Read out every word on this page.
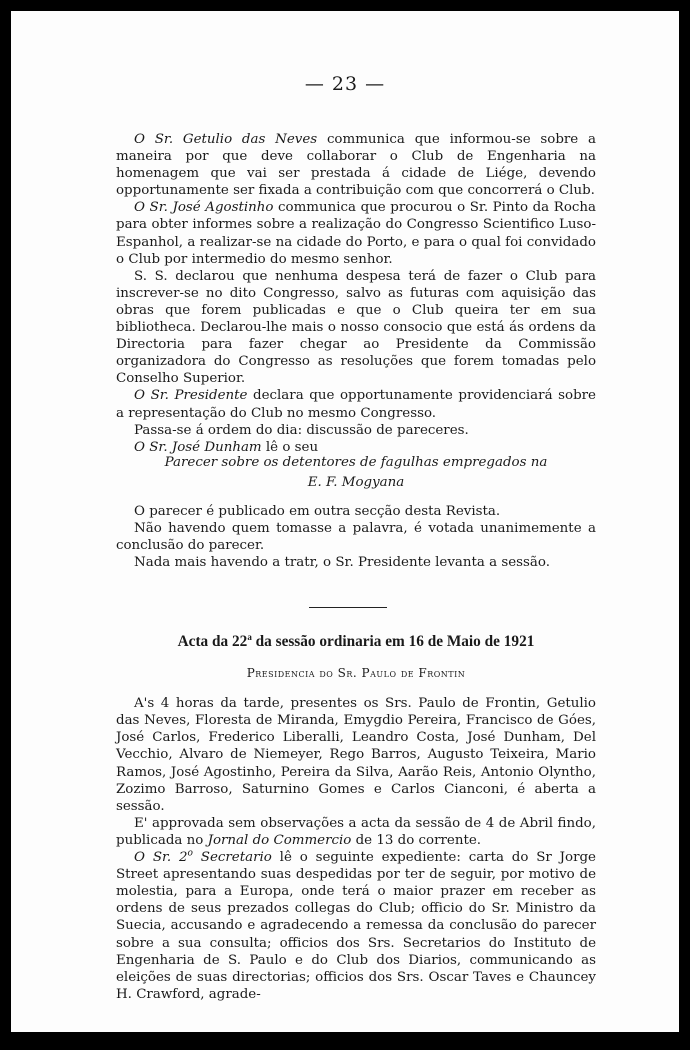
— 23 —

O Sr. Getulio das Neves communica que informou-se sobre a maneira por que deve collaborar o Club de Engenharia na homenagem que vai ser prestada á cidade de Liége, devendo opportunamente ser fixada a contribuição com que concorrerá o Club.

O Sr. José Agostinho communica que procurou o Sr. Pinto da Rocha para obter informes sobre a realização do Congresso Scientifico Luso-Espanhol, a realizar-se na cidade do Porto, e para o qual foi convidado o Club por intermedio do mesmo senhor.

S. S. declarou que nenhuma despesa terá de fazer o Club para inscrever-se no dito Congresso, salvo as futuras com aquisição das obras que forem publicadas e que o Club queira ter em sua bibliotheca. Declarou-lhe mais o nosso consocio que está ás ordens da Directoria para fazer chegar ao Presidente da Commissão organizadora do Congresso as resoluções que forem tomadas pelo Conselho Superior.

O Sr. Presidente declara que opportunamente providenciará sobre a representação do Club no mesmo Congresso.

Passa-se á ordem do dia: discussão de pareceres.

O Sr. José Dunham lê o seu

Parecer sobre os detentores de fagulhas empregados na
E. F. Mogyana

O parecer é publicado em outra secção desta Revista.

Não havendo quem tomasse a palavra, é votada unanimemente a conclusão do parecer.

Nada mais havendo a tratr, o Sr. Presidente levanta a sessão.

Acta da 22$^a$ da sessão ordinaria em 16 de Maio de 1921
Presidencia do Sr. Paulo de Frontin

A's 4 horas da tarde, presentes os Srs. Paulo de Frontin, Getulio das Neves, Floresta de Miranda, Emygdio Pereira, Francisco de Góes, José Carlos, Frederico Liberalli, Leandro Costa, José Dunham, Del Vecchio, Alvaro de Niemeyer, Rego Barros, Augusto Teixeira, Mario Ramos, José Agostinho, Pereira da Silva, Aarão Reis, Antonio Olyntho, Zozimo Barroso, Saturnino Gomes e Carlos Cianconi, é aberta a sessão.

E' approvada sem observações a acta da sessão de 4 de Abril findo, publicada no Jornal do Commercio de 13 do corrente.

O Sr. 2$^o$ Secretario lê o seguinte expediente: carta do Sr Jorge Street apresentando suas despedidas por ter de seguir, por motivo de molestia, para a Europa, onde terá o maior prazer em receber as ordens de seus prezados collegas do Club; officio do Sr. Ministro da Suecia, accusando e agradecendo a remessa da conclusão do parecer sobre a sua consulta; officios dos Srs. Secretarios do Instituto de Engenharia de S. Paulo e do Club dos Diarios, communicando as eleições de suas directorias; officios dos Srs. Oscar Taves e Chauncey H. Crawford, agrade-
